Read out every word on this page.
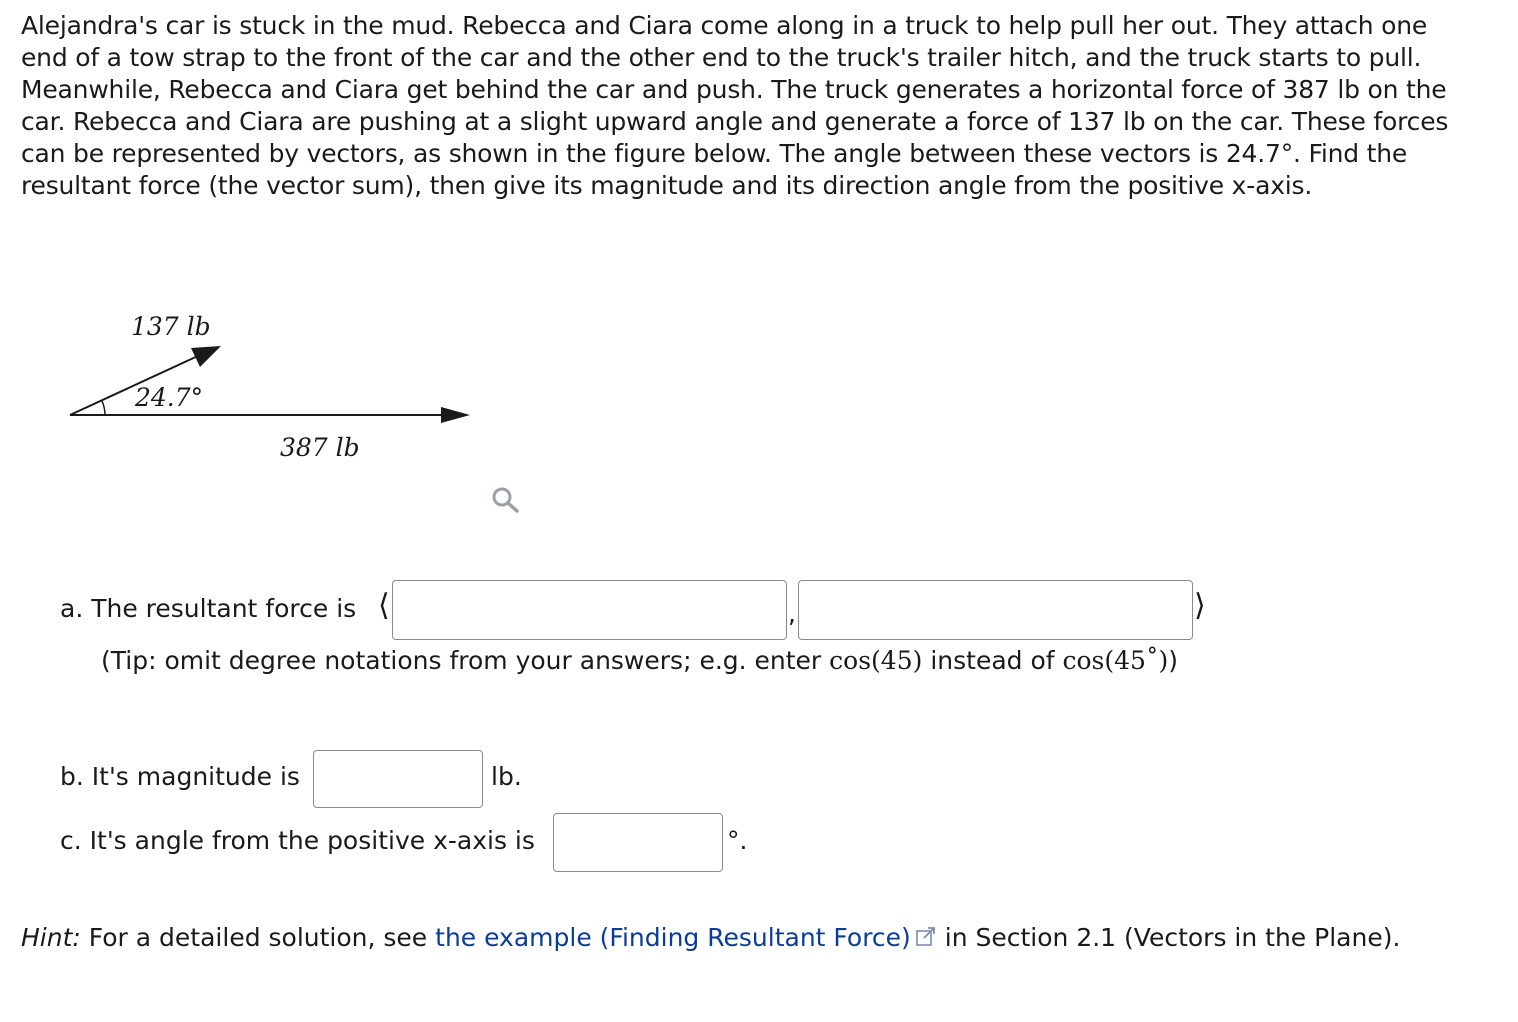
Alejandra's car is stuck in the mud. Rebecca and Ciara come along in a truck to help pull her out. They attach one end of a tow strap to the front of the car and the other end to the truck's trailer hitch, and the truck starts to pull. Meanwhile, Rebecca and Ciara get behind the car and push. The truck generates a horizontal force of 387 lb on the car. Rebecca and Ciara are pushing at a slight upward angle and generate a force of 137 lb on the car. These forces can be represented by vectors, as shown in the figure below. The angle between these vectors is 24.7°. Find the resultant force (the vector sum), then give its magnitude and its direction angle from the positive x-axis.

137 lb
24.7°
387 lb
a. The resultant force is ⟨	,	⟩
(Tip: omit degree notations from your answers; e.g. enter cos(45) instead of cos(45˚))
b. It's magnitude is	lb.
c. It's angle from the positive x-axis is	°.
Hint: For a detailed solution, see the example (Finding Resultant Force) in Section 2.1 (Vectors in the Plane).
